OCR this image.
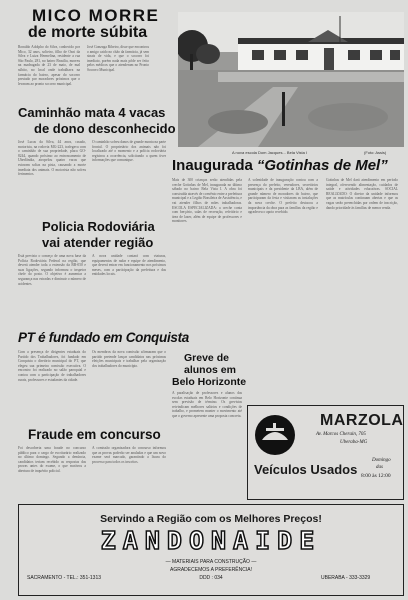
MICO MORRE
de morte súbita
Ronaldo Adolpho do Silva, conhecido por Mico, 32 anos, solteiro, filho de Osni da Silva e Luiza Hermelina, residente a rua São Paulo, 281, no bairro Brasilia, morreu na madrugada de 23 de maio, de mal súbito, no local onde trabalhava na farmácia do bairro, apesar do socorro prestado por moradores próximos que o levaram ao pronto socorro municipal.
José Gonzaga Ribeiro, disse que encontrou o amigo caido no chão da farmácia, já sem sinais de vida, e que o socorro foi imediato, porém nada mais pôde ser feito pelos médicos que o atenderam no Pronto Socorro Municipal.
A nova escola Dom Jacques... Bela Vista I	(Foto: Assis)
Caminhão mata 4 vacas
de dono desconhecido
José Lucas da Silva, 44 anos, casado, motorista, na rodovia MG-223, trafegava com o caminhão de sua propriedade, placa GO-8244, quando próximo ao entroncamento de Uberlândia, atropelou quatro vacas que estavam soltas na pista, causando a morte imediata dos animais. O motorista não sofreu ferimentos.
O caminhão sofreu danos de grande monta na parte frontal. O proprietário dos animais não foi localizado até o momento e a polícia rodoviária registrou a ocorrência, solicitando a quem tiver informações que comunique.
Policia Rodoviária
vai atender região
Está previsto o começo de uma nova base da Polícia Rodoviária Federal na região, que deverá atender toda a extensão da BR-050 e suas ligações, segundo informou o inspetor chefe do posto. O objetivo é aumentar a segurança nas estradas e diminuir o número de acidentes.
A nova unidade contará com viaturas, equipamentos de radar e equipe de atendimento, que deverá entrar em funcionamento nos próximos meses, com a participação da prefeitura e das entidades locais.
PT é fundado em Conquista
Com a presença de dirigentes estaduais do Partido dos Trabalhadores, foi fundado em Conquista o diretório municipal do PT, que elegeu sua primeira comissão executiva. O encontro foi realizado no salão paroquial e contou com a participação de trabalhadores rurais, professores e estudantes da cidade.
Os membros da nova comissão afirmaram que o partido pretende lançar candidatos nas próximas eleições municipais e trabalhar pela organização dos trabalhadores do município.
Fraude em concurso
Foi descoberta uma fraude no concurso público para o cargo de escriturário realizado no último domingo. Segundo a denúncia, candidatos teriam recebido as respostas das provas antes do exame, o que motivou a abertura de inquérito policial.
A comissão organizadora do concurso informou que as provas poderão ser anuladas e que um novo exame será marcado, garantindo a lisura do processo para todos os inscritos.
Inaugurada “Gotinhas de Mel”
Mais de 300 crianças serão atendidas pela creche Gotinhas de Mel, inaugurada no último sábado no bairro Bela Vista I. A obra foi construída através de convênio entre a prefeitura municipal e a Legião Brasileira de Assistência, e vai atender filhos de mães trabalhadoras. ESCOLA ESPECIALIZADA: a creche conta com berçário, salas de recreação, refeitório e área de lazer, além de equipe de professores e monitores.
A solenidade de inauguração contou com a presença do prefeito, vereadores, secretários municipais e da presidente da LBA, além de grande número de moradores do bairro, que participaram da festa e visitaram as instalações da nova creche. O prefeito destacou a importância da obra para as famílias da região e agradeceu o apoio recebido.
Gotinhas de Mel dará atendimento em período integral, oferecendo alimentação, cuidados de saúde e atividades educativas. SOCIAL REALIZADO: O diretor da unidade informou que as matrículas continuam abertas e que as vagas serão preenchidas por ordem de inscrição, dando prioridade às famílias de menor renda.
Greve de
alunos em
Belo Horizonte
A paralisação de professores e alunos das escolas estaduais em Belo Horizonte continua sem previsão de término. Os grevistas reivindicam melhores salários e condições de trabalho, e prometem manter o movimento até que o governo apresente uma proposta concreta.	MARZOLA
Av. Marcos Cherain, 705
Uberaba-MG
Veículos Usados
Domingo
das
8:00 às 12:00
Servindo a Região com os Melhores Preços!
ZANDONAIDE
— MATERIAIS PARA CONSTRUÇÃO —
AGRADECEMOS A PREFERÊNCIA!
DDD : 034
SACRAMENTO - TEL.: 351-1313	UBERABA - 333-3329
